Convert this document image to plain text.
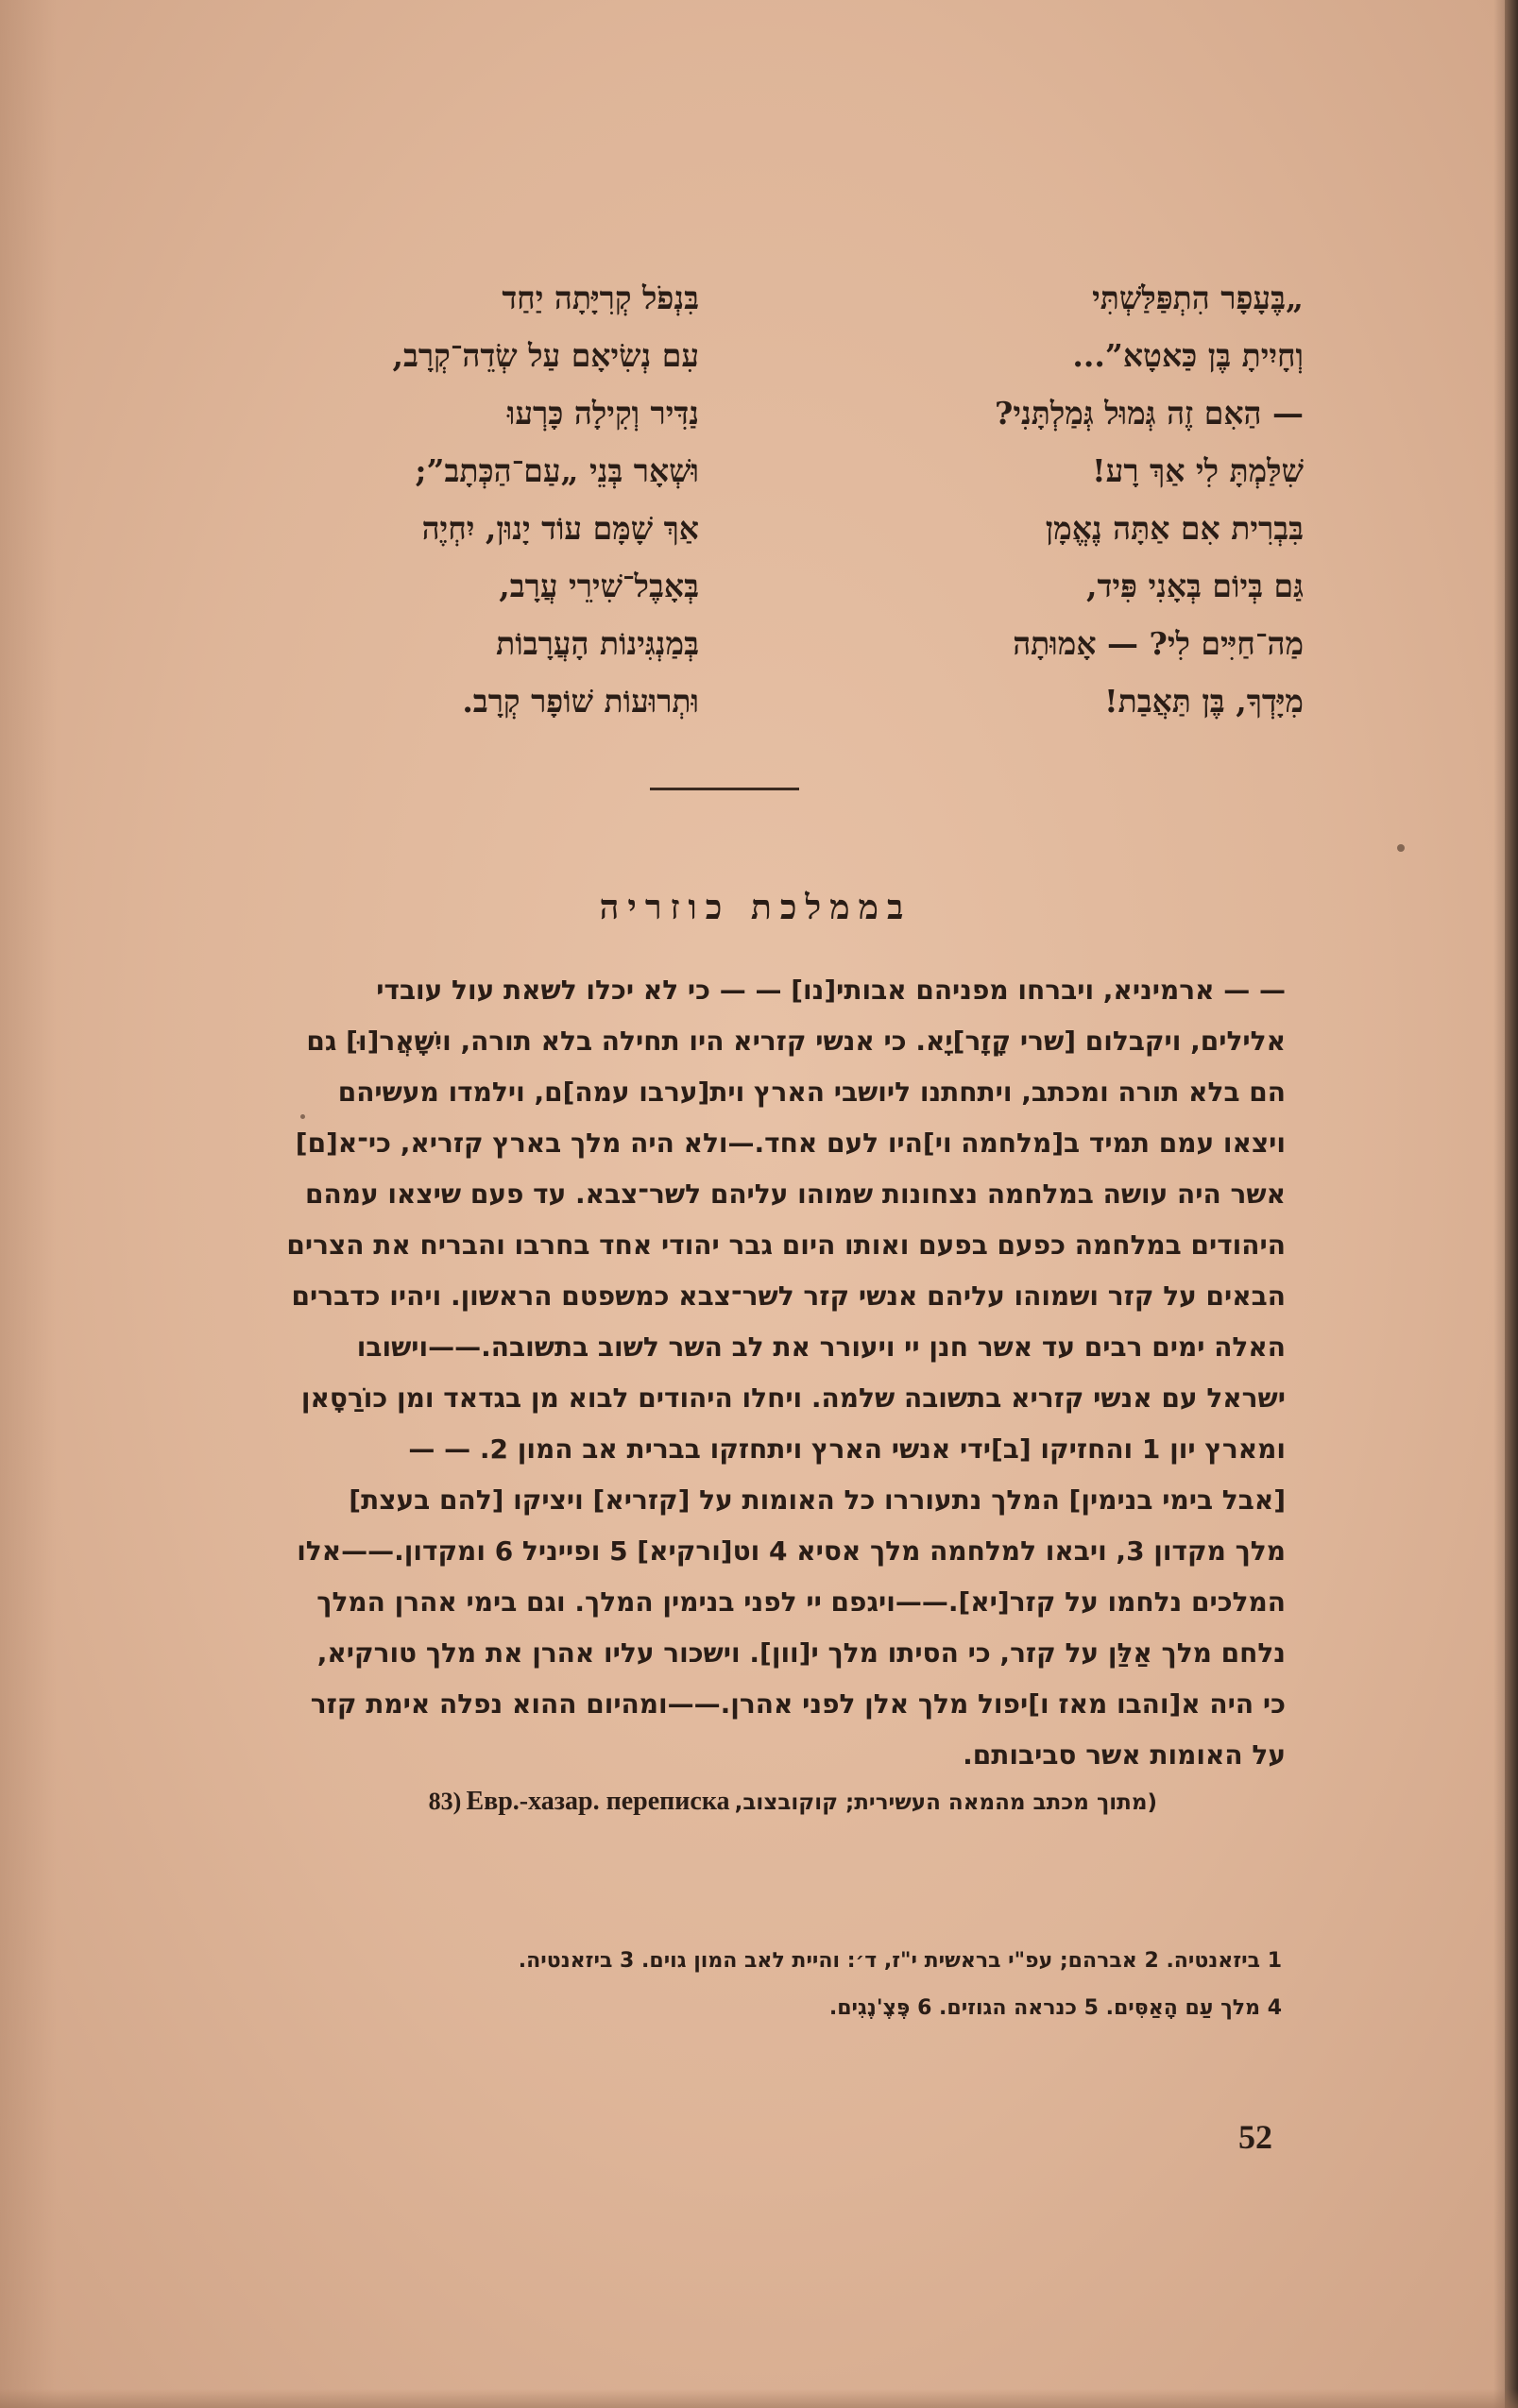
„בֶּעָפָר הִתְפַּלַּשְׁתִּי
וְחָיִיתָ בֶּן כַּאטָא”...
— הַאִם זֶה גְּמוּל גְּמַלְתָּנִי?
שִׁלַּמְתָּ לִי אַךְ רָע!
בִּבְרִית אִם אַתָּה נֶאֱמָן
גַּם בְּיוֹם בְּאָנִי פִּיד,
מַה־חַיִּים לִי? — אָמוּתָה
מִיָּדְךָ, בֶּן תַּאֲבַת!
בִּנְפֹל קְרִיָּתָה יַחַד
עִם נְשִׂיאָם עַל שְׂדֵה־קְרָב,
נַדִּיר וְקִילָה כָּרְעוּ
וּשְׁאָר בְּנֵי „עַם־הַכְּתָב”;
אַךְ שָׁמָּם עוֹד יָנוּן, יִחְיֶה
בְּאָבֶל־שִׁירֵי עֲרָב,
בְּמַנְגִּינוֹת הָעֲרָבוֹת
וּתְרוּעוֹת שׁוֹפָר קְרָב.
בממלכת כוזריה
— — ארמיניא, ויברחו מפניהם אבותי[נו] — — כי לא יכלו לשאת עול עובדי
אלילים, ויקבלום [שרי קָזָר]יָא. כי אנשי קזריא היו תחילה בלא תורה, ויִשָּׁאֲר[וּ] גם
הם בלא תורה ומכתב, ויתחתנו ליושבי הארץ וית[ערבו עמה]ם, וילמדו מעשיהם
ויצאו עמם תמיד ב[מלחמה וי]היו לעם אחד.—ולא היה מלך בארץ קזריא, כי־א[ם]
אשר היה עושה במלחמה נצחונות שמוהו עליהם לשר־צבא. עד פעם שיצאו עמהם
היהודים במלחמה כפעם בפעם ואותו היום גבר יהודי אחד בחרבו והבריח את הצרים
הבאים על קזר ושמוהו עליהם אנשי קזר לשר־צבא כמשפטם הראשון. ויהיו כדברים
האלה ימים רבים עד אשר חנן יי ויעורר את לב השר לשוב בתשובה.——וישובו
ישראל עם אנשי קזריא בתשובה שלמה. ויחלו היהודים לבוא מן בגדאד ומן כוֹרַסָאן
ומארץ יון 1 והחזיקו [ב]ידי אנשי הארץ ויתחזקו בברית אב המון 2. — —
[אבל בימי בנימין] המלך נתעוררו כל האומות על [קזריא] ויציקו [להם בעצת]
מלך מקדון 3, ויבאו למלחמה מלך אסיא 4 וט[ורקיא] 5 ופייניל 6 ומקדון.——אלו
המלכים נלחמו על קזר[יא].——ויגפם יי לפני בנימין המלך. וגם בימי אהרן המלך
נלחם מלך אַלַּן על קזר, כי הסיתו מלך י[וון]. וישכור עליו אהרן את מלך טורקיא,
כי היה א[והבו מאז ו]יפול מלך אלן לפני אהרן.——ומהיום ההוא נפלה אימת קזר
על האומות אשר סביבותם.
(מתוך מכתב מהמאה העשירית; קוקובצוב, Евр.-хазар. переписка 83)
1 ביזאנטיה. 2 אברהם; עפ"י בראשית י"ז, ד׳: והיית לאב המון גוים. 3 ביזאנטיה.
4 מלך עַם הָאַסִּים. 5 כנראה הגוזים. 6 פֶּצֶ'נֶגִים.
52
